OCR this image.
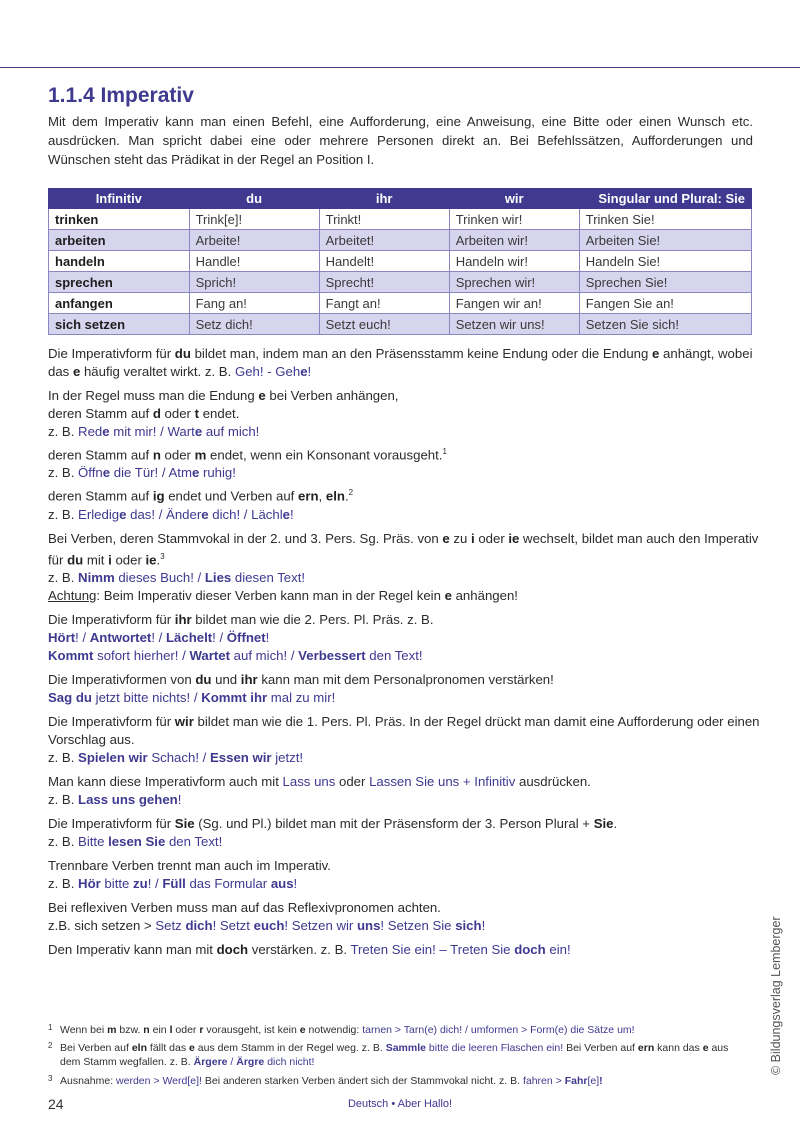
1.1.4 Imperativ
Mit dem Imperativ kann man einen Befehl, eine Aufforderung, eine Anweisung, eine Bitte oder einen Wunsch etc. ausdrücken. Man spricht dabei eine oder mehrere Personen direkt an. Bei Befehlssätzen, Aufforderungen und Wünschen steht das Prädikat in der Regel an Position I.
Infinitiv	du	ihr	wir	Singular und Plural: Sie
trinken	Trink[e]!	Trinkt!	Trinken wir!	Trinken Sie!
arbeiten	Arbeite!	Arbeitet!	Arbeiten wir!	Arbeiten Sie!
handeln	Handle!	Handelt!	Handeln wir!	Handeln Sie!
sprechen	Sprich!	Sprecht!	Sprechen wir!	Sprechen Sie!
anfangen	Fang an!	Fangt an!	Fangen wir an!	Fangen Sie an!
sich setzen	Setz dich!	Setzt euch!	Setzen wir uns!	Setzen Sie sich!

Die Imperativform für du bildet man, indem man an den Präsensstamm keine Endung oder die Endung e anhängt, wobei das e häufig veraltet wirkt. z. B. Geh! - Gehe!

In der Regel muss man die Endung e bei Verben anhängen,
deren Stamm auf d oder t endet.
z. B. Rede mit mir! / Warte auf mich!

deren Stamm auf n oder m endet, wenn ein Konsonant vorausgeht.$^1$
z. B. Öffne die Tür! / Atme ruhig!

deren Stamm auf ig endet und Verben auf ern, eln.$^2$
z. B. Erledige das! / Ändere dich! / Lächle!

Bei Verben, deren Stammvokal in der 2. und 3. Pers. Sg. Präs. von e zu i oder ie wechselt, bildet man auch den Imperativ für du mit i oder ie.$^3$
z. B. Nimm dieses Buch! / Lies diesen Text!
Achtung: Beim Imperativ dieser Verben kann man in der Regel kein e anhängen!

Die Imperativform für ihr bildet man wie die 2. Pers. Pl. Präs. z. B.
Hört! / Antwortet! / Lächelt! / Öffnet!
Kommt sofort hierher! / Wartet auf mich! / Verbessert den Text!

Die Imperativformen von du und ihr kann man mit dem Personalpronomen verstärken!
Sag du jetzt bitte nichts! / Kommt ihr mal zu mir!

Die Imperativform für wir bildet man wie die 1. Pers. Pl. Präs. In der Regel drückt man damit eine Aufforderung oder einen Vorschlag aus.
z. B. Spielen wir Schach! / Essen wir jetzt!

Man kann diese Imperativform auch mit Lass uns oder Lassen Sie uns + Infinitiv ausdrücken.
z. B. Lass uns gehen!

Die Imperativform für Sie (Sg. und Pl.) bildet man mit der Präsensform der 3. Person Plural + Sie.
z. B. Bitte lesen Sie den Text!

Trennbare Verben trennt man auch im Imperativ.
z. B. Hör bitte zu! / Füll das Formular aus!

Bei reflexiven Verben muss man auf das Reflexivpronomen achten.
z.B. sich setzen > Setz dich! Setzt euch! Setzen wir uns! Setzen Sie sich!

Den Imperativ kann man mit doch verstärken. z. B. Treten Sie ein! – Treten Sie doch ein!

1 Wenn bei m bzw. n ein l oder r vorausgeht, ist kein e notwendig: tarnen > Tarn(e) dich! / umformen > Form(e) die Sätze um!
2 Bei Verben auf eln fällt das e aus dem Stamm in der Regel weg. z. B. Sammle bitte die leeren Flaschen ein! Bei Verben auf ern kann das e aus dem Stamm wegfallen. z. B. Ärgere / Ärgre dich nicht!
3 Ausnahme: werden > Werd[e]! Bei anderen starken Verben ändert sich der Stammvokal nicht. z. B. fahren > Fahr[e]!
24	Deutsch • Aber Hallo!
© Bildungsverlag Lemberger
